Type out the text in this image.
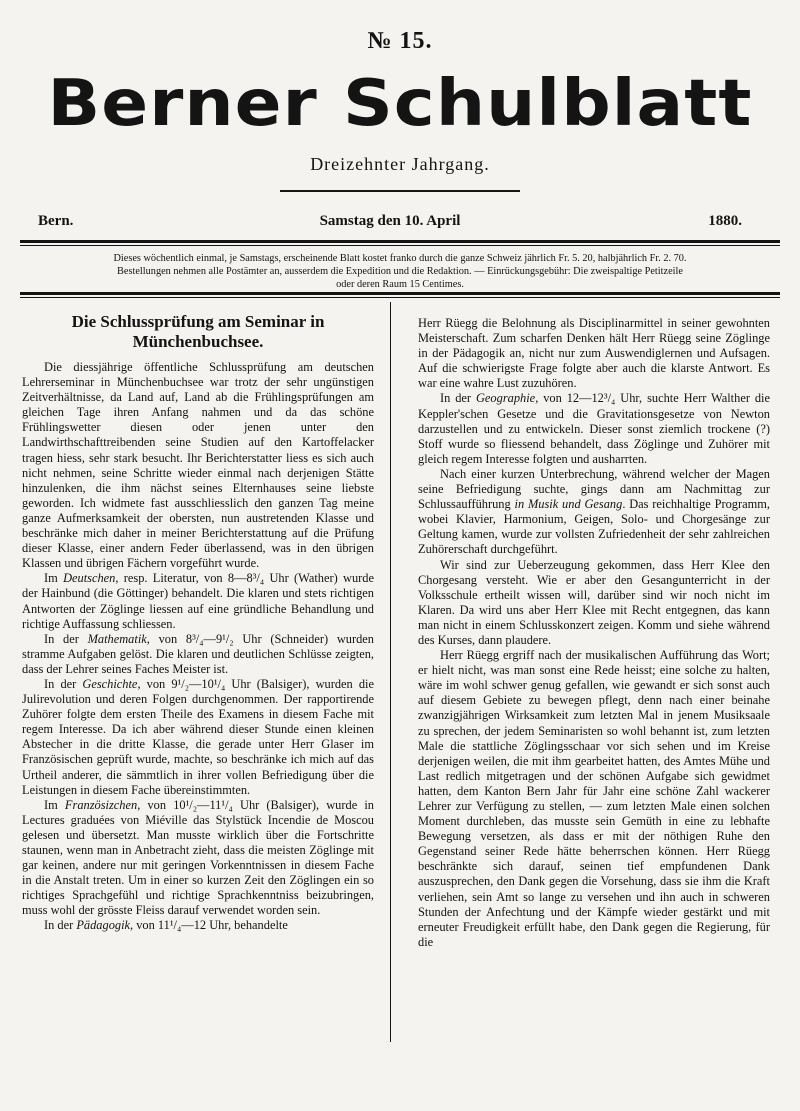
№ 15.
Berner Schulblatt
Dreizehnter Jahrgang.
Bern.	Samstag den 10. April	1880.
Dieses wöchentlich einmal, je Samstags, erscheinende Blatt kostet franko durch die ganze Schweiz jährlich Fr. 5. 20, halbjährlich Fr. 2. 70.
Bestellungen nehmen alle Postämter an, ausserdem die Expedition und die Redaktion. — Einrückungsgebühr: Die zweispaltige Petitzeile
oder deren Raum 15 Centimes.
Die Schlussprüfung am Seminar in Münchenbuchsee.

Die diessjährige öffentliche Schlussprüfung am deutschen Lehrerseminar in Münchenbuchsee war trotz der sehr ungünstigen Zeitverhältnisse, da Land auf, Land ab die Frühlingsprüfungen am gleichen Tage ihren Anfang nahmen und da das schöne Frühlingswetter diesen oder jenen unter den Landwirthschafttreibenden seine Studien auf den Kartoffelacker tragen hiess, sehr stark besucht. Ihr Berichterstatter liess es sich auch nicht nehmen, seine Schritte wieder einmal nach derjenigen Stätte hinzulenken, die ihm nächst seines Elternhauses seine liebste geworden. Ich widmete fast ausschliesslich den ganzen Tag meine ganze Aufmerksamkeit der obersten, nun austretenden Klasse und beschränke mich daher in meiner Berichterstattung auf die Prüfung dieser Klasse, einer andern Feder überlassend, was in den übrigen Klassen und übrigen Fächern vorgeführt wurde.

Im Deutschen, resp. Literatur, von 8—8³/₄ Uhr (Wather) wurde der Hainbund (die Göttinger) behandelt. Die klaren und stets richtigen Antworten der Zöglinge liessen auf eine gründliche Behandlung und richtige Auffassung schliessen.

In der Mathematik, von 8³/₄—9¹/₂ Uhr (Schneider) wurden stramme Aufgaben gelöst. Die klaren und deutlichen Schlüsse zeigten, dass der Lehrer seines Faches Meister ist.

In der Geschichte, von 9¹/₂—10¹/₄ Uhr (Balsiger), wurden die Julirevolution und deren Folgen durchgenommen. Der rapportirende Zuhörer folgte dem ersten Theile des Examens in diesem Fache mit regem Interesse. Da ich aber während dieser Stunde einen kleinen Abstecher in die dritte Klasse, die gerade unter Herr Glaser im Französischen geprüft wurde, machte, so beschränke ich mich auf das Urtheil anderer, die sämmtlich in ihrer vollen Befriedigung über die Leistungen in diesem Fache übereinstimmten.

Im Französizchen, von 10¹/₂—11¹/₄ Uhr (Balsiger), wurde in Lectures graduées von Miéville das Stylstück Incendie de Moscou gelesen und übersetzt. Man musste wirklich über die Fortschritte staunen, wenn man in Anbetracht zieht, dass die meisten Zöglinge mit gar keinen, andere nur mit geringen Vorkenntnissen in diesem Fache in die Anstalt treten. Um in einer so kurzen Zeit den Zöglingen ein so richtiges Sprachgefühl und richtige Sprachkenntniss beizubringen, muss wohl der grösste Fleiss darauf verwendet worden sein.

In der Pädagogik, von 11¹/₄—12 Uhr, behandelte

Herr Rüegg die Belohnung als Disciplinarmittel in seiner gewohnten Meisterschaft. Zum scharfen Denken hält Herr Rüegg seine Zöglinge in der Pädagogik an, nicht nur zum Auswendiglernen und Aufsagen. Auf die schwierigste Frage folgte aber auch die klarste Antwort. Es war eine wahre Lust zuzuhören.

In der Geographie, von 12—12³/₄ Uhr, suchte Herr Walther die Keppler'schen Gesetze und die Gravitationsgesetze von Newton darzustellen und zu entwickeln. Dieser sonst ziemlich trockene (?) Stoff wurde so fliessend behandelt, dass Zöglinge und Zuhörer mit gleich regem Interesse folgten und ausharrten.

Nach einer kurzen Unterbrechung, während welcher der Magen seine Befriedigung suchte, gings dann am Nachmittag zur Schlussaufführung in Musik und Gesang. Das reichhaltige Programm, wobei Klavier, Harmonium, Geigen, Solo- und Chorgesänge zur Geltung kamen, wurde zur vollsten Zufriedenheit der sehr zahlreichen Zuhörerschaft durchgeführt.

Wir sind zur Ueberzeugung gekommen, dass Herr Klee den Chorgesang versteht. Wie er aber den Gesangunterricht in der Volksschule ertheilt wissen will, darüber sind wir noch nicht im Klaren. Da wird uns aber Herr Klee mit Recht entgegnen, das kann man nicht in einem Schlusskonzert zeigen. Komm und siehe während des Kurses, dann plaudere.

Herr Rüegg ergriff nach der musikalischen Aufführung das Wort; er hielt nicht, was man sonst eine Rede heisst; eine solche zu halten, wäre im wohl schwer genug gefallen, wie gewandt er sich sonst auch auf diesem Gebiete zu bewegen pflegt, denn nach einer beinahe zwanzigjährigen Wirksamkeit zum letzten Mal in jenem Musiksaale zu sprechen, der jedem Seminaristen so wohl behannt ist, zum letzten Male die stattliche Zöglingsschaar vor sich sehen und im Kreise derjenigen weilen, die mit ihm gearbeitet hatten, des Amtes Mühe und Last redlich mitgetragen und der schönen Aufgabe sich gewidmet hatten, dem Kanton Bern Jahr für Jahr eine schöne Zahl wackerer Lehrer zur Verfügung zu stellen, — zum letzten Male einen solchen Moment durchleben, das musste sein Gemüth in eine zu lebhafte Bewegung versetzen, als dass er mit der nöthigen Ruhe den Gegenstand seiner Rede hätte beherrschen können. Herr Rüegg beschränkte sich darauf, seinen tief empfundenen Dank auszusprechen, den Dank gegen die Vorsehung, dass sie ihm die Kraft verliehen, sein Amt so lange zu versehen und ihn auch in schweren Stunden der Anfechtung und der Kämpfe wieder gestärkt und mit erneuter Freudigkeit erfüllt habe, den Dank gegen die Regierung, für die
